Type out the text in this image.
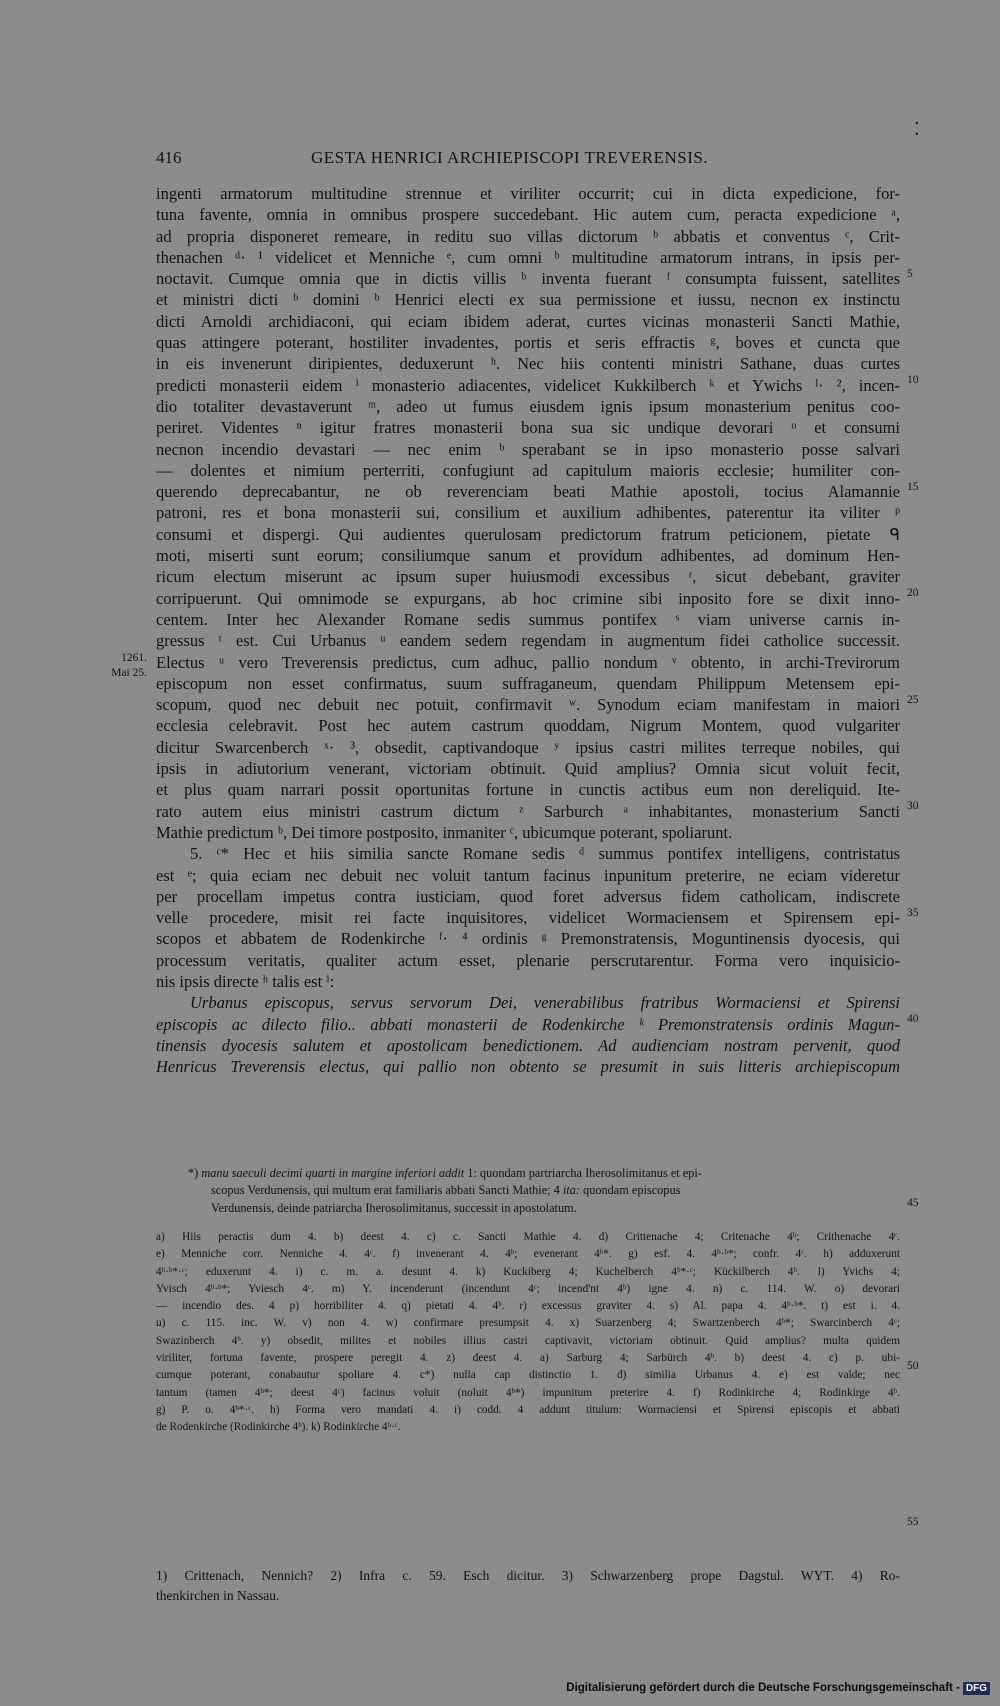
416	GESTA HENRICI ARCHIEPISCOPI TREVERENSIS.
⁚
1261.
Mai 25.
ingenti armatorum multitudine strennue et viriliter occurrit; cui in dicta expedicione, for-
tuna favente, omnia in omnibus prospere succedebant. Hic autem cum, peracta expedicione ᵃ,
ad propria disponeret remeare, in reditu suo villas dictorum ᵇ abbatis et conventus ᶜ, Crit-
thenachen ᵈ· ¹ videlicet et Menniche ᵉ, cum omni ᵇ multitudine armatorum intrans, in ipsis per-
noctavit. Cumque omnia que in dictis villis ᵇ inventa fuerant ᶠ consumpta fuissent, satellites
et ministri dicti ᵇ domini ᵇ Henrici electi ex sua permissione et iussu, necnon ex instinctu
dicti Arnoldi archidiaconi, qui eciam ibidem aderat, curtes vicinas monasterii Sancti Mathie,
quas attingere poterant, hostiliter invadentes, portis et seris effractis ᵍ, boves et cuncta que
in eis invenerunt diripientes, deduxerunt ʰ. Nec hiis contenti ministri Sathane, duas curtes
predicti monasterii eidem ⁱ monasterio adiacentes, videlicet Kukkilberch ᵏ et Ywichs ˡ· ², incen-
dio totaliter devastaverunt ᵐ, adeo ut fumus eiusdem ignis ipsum monasterium penitus coo-
periret. Videntes ⁿ igitur fratres monasterii bona sua sic undique devorari ᵒ et consumi
necnon incendio devastari — nec enim ᵇ sperabant se in ipso monasterio posse salvari
— dolentes et nimium perterriti, confugiunt ad capitulum maioris ecclesie; humiliter con-
querendo deprecabantur, ne ob reverenciam beati Mathie apostoli, tocius Alamannie
patroni, res et bona monasterii sui, consilium et auxilium adhibentes, paterentur ita viliter ᵖ
consumi et dispergi. Qui audientes querulosam predictorum fratrum peticionem, pietate ᑫ
moti, miserti sunt eorum; consiliumque sanum et providum adhibentes, ad dominum Hen-
ricum electum miserunt ac ipsum super huiusmodi excessibus ʳ, sicut debebant, graviter
corripuerunt. Qui omnimode se expurgans, ab hoc crimine sibi inposito fore se dixit inno-
centem. Inter hec Alexander Romane sedis summus pontifex ˢ viam universe carnis in-
gressus ᵗ est. Cui Urbanus ᵘ eandem sedem regendam in augmentum fidei catholice successit.
Electus ᵘ vero Treverensis predictus, cum adhuc, pallio nondum ᵛ obtento, in archi-Trevirorum
episcopum non esset confirmatus, suum suffraganeum, quendam Philippum Metensem epi-
scopum, quod nec debuit nec potuit, confirmavit ʷ. Synodum eciam manifestam in maiori
ecclesia celebravit. Post hec autem castrum quoddam, Nigrum Montem, quod vulgariter
dicitur Swarcenberch ˣ· ³, obsedit, captivandoque ʸ ipsius castri milites terreque nobiles, qui
ipsis in adiutorium venerant, victoriam obtinuit. Quid amplius? Omnia sicut voluit fecit,
et plus quam narrari possit oportunitas fortune in cunctis actibus eum non dereliquid. Ite-
rato autem eius ministri castrum dictum ᶻ Sarburch ᵃ inhabitantes, monasterium Sancti
Mathie predictum ᵇ, Dei timore postposito, inmaniter ᶜ, ubicumque poterant, spoliarunt.
5. ᶜ* Hec et hiis similia sancte Romane sedis ᵈ summus pontifex intelligens, contristatus
est ᵉ; quia eciam nec debuit nec voluit tantum facinus inpunitum preterire, ne eciam videretur
per procellam impetus contra iusticiam, quod foret adversus fidem catholicam, indiscrete
velle procedere, misit rei facte inquisitores, videlicet Wormaciensem et Spirensem epi-
scopos et abbatem de Rodenkirche ᶠ· ⁴ ordinis ᵍ Premonstratensis, Moguntinensis dyocesis, qui
processum veritatis, qualiter actum esset, plenarie perscrutarentur. Forma vero inquisicio-
nis ipsis directe ʰ talis est ⁱ:
Urbanus episcopus, servus servorum Dei, venerabilibus fratribus Wormaciensi et Spirensi
episcopis ac dilecto filio.. abbati monasterii de Rodenkirche ᵏ Premonstratensis ordinis Magun-
tinensis dyocesis salutem et apostolicam benedictionem. Ad audienciam nostram pervenit, quod
Henricus Treverensis electus, qui pallio non obtento se presumit in suis litteris archiepiscopum
5
10
15
20
25
30
35
40
*) manu saeculi decimi quarti in margine inferiori addit 1: quondam partriarcha Iherosolimitanus et epi-
scopus Verdunensis, qui multum erat familiaris abbati Sancti Mathie; 4 ita: quondam episcopus
Verdunensis, deinde patriarcha Iherosolimitanus, successit in apostolatum.	45
a) Hiis peractis dum 4. b) deest 4. c) c. Sancti Mathie 4. d) Crittenache 4; Critenache 4ᵇ; Crithenache 4ᶜ.
e) Menniche corr. Nenniche 4. 4ᶜ. f) invenerant 4. 4ᵇ; evenerant 4ᵇ*. g) esf. 4. 4ᵇ·ᵇ*; confr. 4ᶜ. h) adduxerunt
4ᵇ·ᵇ*·ᶜ; eduxerunt 4. i) c. m. a. desunt 4. k) Kuckiberg 4; Kuchelberch 4ᵇ*·ᶜ; Kückilberch 4ᵇ. l) Yvichs 4;
Yvisch 4ᵇ·ᵇ*; Yviesch 4ᶜ. m) Y. incenderunt (incendunt 4ᶜ; incend'nt 4ᵇ) igne 4. n) c. 114. W. o) devorari
— incendio des. 4 p) horribiliter 4. q) pietati 4. 4ᵇ. r) excessus graviter 4. s) Al. papa 4. 4ᵇ·ᵇ*. t) est i. 4.
u) c. 115. inc. W. v) non 4. w) confirmare presumpsit 4. x) Suarzenberg 4; Swartzenberch 4ᵇ*; Swarcinberch 4ᶜ;
Swazinberch 4ᵇ. y) obsedit, milites et nobiles illius castri captivavit, victoriam obtinuit. Quid amplius? multa quidem
viriliter, fortuna favente, prospere peregit 4. z) deest 4. a) Sarburg 4; Sarbürch 4ᵇ. b) deest 4. c) p. ubi-
cumque poterant, conabautur spoliare 4. c*) nulla cap distinctio 1. d) similia Urbanus 4. e) est valde; nec
tantum (tamen 4ᵇ*; deest 4ᶜ) facinus voluit (noluit 4ᵇ*) impunitum preterire 4. f) Rodinkirche 4; Rodinkirge 4ᵇ.
g) P. o. 4ᵇ*·ᶜ. h) Forma vero mandati 4. i) codd. 4 addunt titulum: Wormaciensi et Spirensi episcopis et abbati
de Rodenkirche (Rodinkirche 4ᵇ). k) Rodinkirche 4ᵇ·ᶜ.
50
55
1) Crittenach, Nennich? 2) Infra c. 59. Esch dicitur. 3) Schwarzenberg prope Dagstul. WYT. 4) Ro-
thenkirchen in Nassau.
Digitalisierung gefördert durch die Deutsche Forschungsgemeinschaft - DFG
